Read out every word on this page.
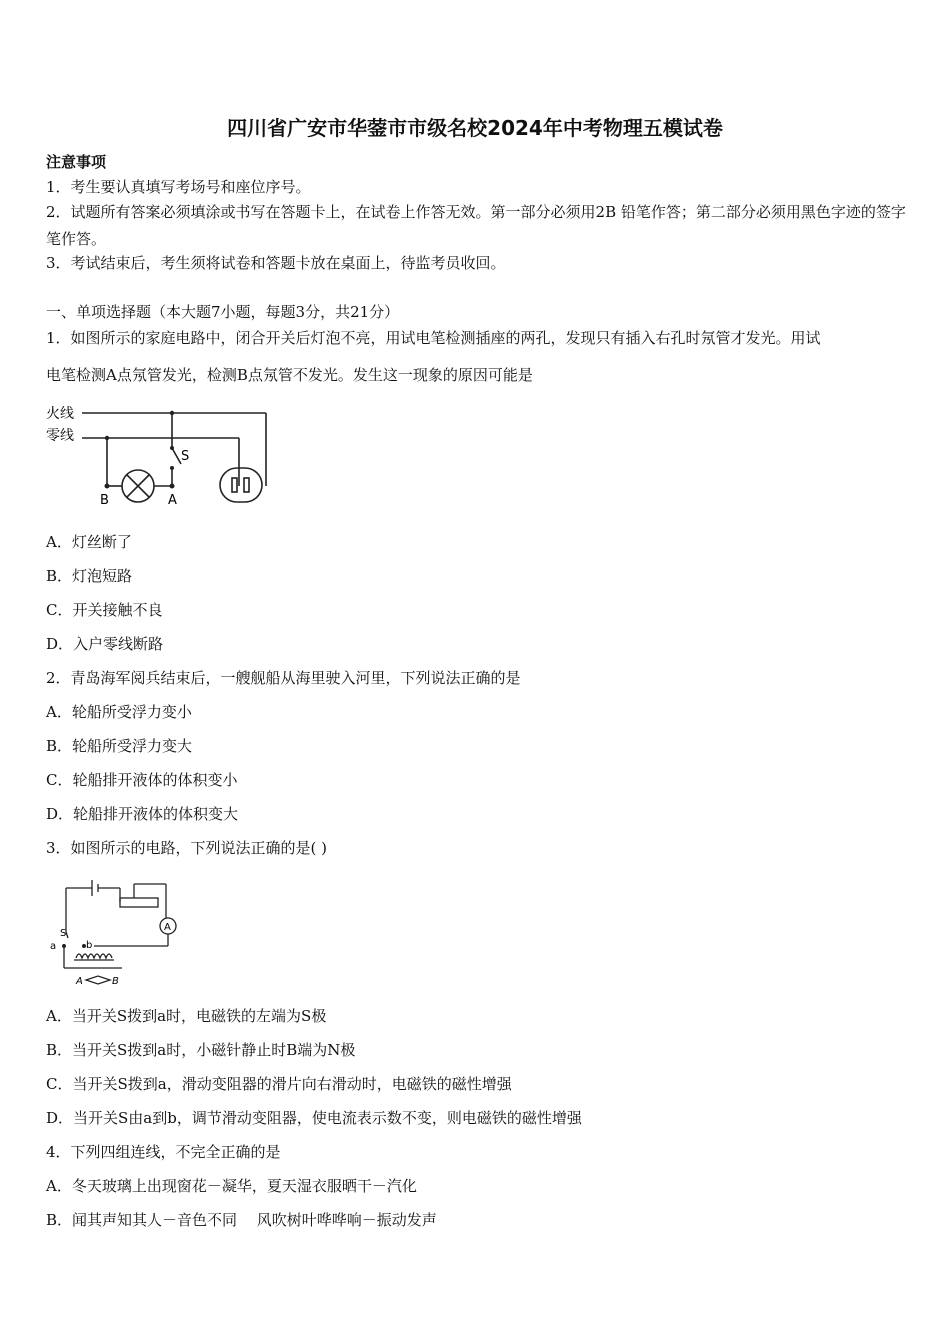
四川省广安市华蓥市市级名校2024年中考物理五模试卷
注意事项
1．考生要认真填写考场号和座位序号。
2．试题所有答案必须填涂或书写在答题卡上，在试卷上作答无效。第一部分必须用2B 铅笔作答；第二部分必须用黑色字迹的签字笔作答。
3．考试结束后，考生须将试卷和答题卡放在桌面上，待监考员收回。
一、单项选择题（本大题7小题，每题3分，共21分）
1．如图所示的家庭电路中，闭合开关后灯泡不亮，用试电笔检测插座的两孔，发现只有插入右孔时氖管才发光。用试
电笔检测A点氖管发光，检测B点氖管不发光。发生这一现象的原因可能是
火线
零线
S
B	A
A．灯丝断了
B．灯泡短路
C．开关接触不良
D．入户零线断路
2．青岛海军阅兵结束后，一艘舰船从海里驶入河里，下列说法正确的是
A．轮船所受浮力变小
B．轮船所受浮力变大
C．轮船排开液体的体积变小
D．轮船排开液体的体积变大
3．如图所示的电路，下列说法正确的是( )
A
S
a	b
A	B
A．当开关S拨到a时，电磁铁的左端为S极
B．当开关S拨到a时，小磁针静止时B端为N极
C．当开关S拨到a，滑动变阻器的滑片向右滑动时，电磁铁的磁性增强
D．当开关S由a到b，调节滑动变阻器，使电流表示数不变，则电磁铁的磁性增强
4．下列四组连线，不完全正确的是
A．冬天玻璃上出现窗花－凝华，夏天湿衣服晒干－汽化
B．闻其声知其人－音色不同　 风吹树叶哗哗响－振动发声
